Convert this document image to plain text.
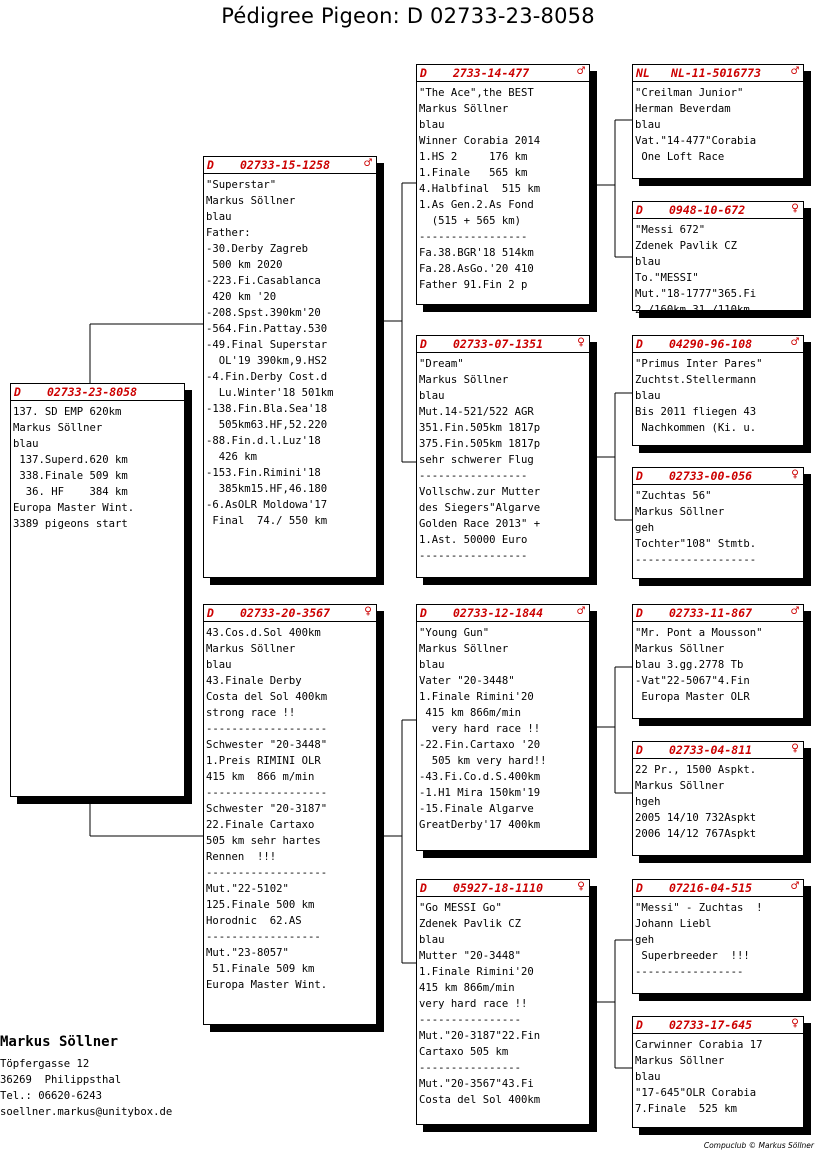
Pédigree Pigeon: D 02733-23-8058

D

02733-23-8058

137. SD EMP 620km
Markus Söllner
blau
137.Superd.620 km
338.Finale 509 km
36. HF    384 km
Europa Master Wint.
3389 pigeons start

D

02733-15-1258

	♂

"Superstar"
Markus Söllner
blau
Father:
-30.Derby Zagreb
500 km 2020
-223.Fi.Casablanca
420 km '20
-208.Spst.390km'20
-564.Fin.Pattay.530
-49.Final Superstar
OL'19 390km,9.HS2
-4.Fin.Derby Cost.d
Lu.Winter'18 501km
-138.Fin.Bla.Sea'18
505km63.HF,52.220
-88.Fin.d.l.Luz'18
426 km
-153.Fin.Rimini'18
385km15.HF,46.180
-6.AsOLR Moldowa'17
Final  74./ 550 km

D

02733-20-3567

	♀

43.Cos.d.Sol 400km
Markus Söllner
blau
43.Finale Derby
Costa del Sol 400km
strong race !!
-------------------
Schwester "20-3448"
1.Preis RIMINI OLR
415 km  866 m/min
-------------------
Schwester "20-3187"
22.Finale Cartaxo
505 km sehr hartes
Rennen  !!!
-------------------
Mut."22-5102"
125.Finale 500 km
Horodnic  62.AS
------------------
Mut."23-8057"
51.Finale 509 km
Europa Master Wint.

D

2733-14-477

	♂

"The Ace",the BEST
Markus Söllner
blau
Winner Corabia 2014
1.HS 2     176 km
1.Finale   565 km
4.Halbfinal  515 km
1.As Gen.2.As Fond
(515 + 565 km)
-----------------
Fa.38.BGR'18 514km
Fa.28.AsGo.'20 410
Father 91.Fin 2 p

D

02733-07-1351

	♀

"Dream"
Markus Söllner
blau
Mut.14-521/522 AGR
351.Fin.505km 1817p
375.Fin.505km 1817p
sehr schwerer Flug
-----------------
Vollschw.zur Mutter
des Siegers"Algarve
Golden Race 2013" +
1.Ast. 50000 Euro
-----------------

D

02733-12-1844

	♂

"Young Gun"
Markus Söllner
blau
Vater "20-3448"
1.Finale Rimini'20
415 km 866m/min
very hard race !!
-22.Fin.Cartaxo '20
505 km very hard!!
-43.Fi.Co.d.S.400km
-1.H1 Mira 150km'19
-15.Finale Algarve
GreatDerby'17 400km

D

05927-18-1110

	♀

"Go MESSI Go"
Zdenek Pavlik CZ
blau
Mutter "20-3448"
1.Finale Rimini'20
415 km 866m/min
very hard race !!
----------------
Mut."20-3187"22.Fin
Cartaxo 505 km
----------------
Mut."20-3567"43.Fi
Costa del Sol 400km

NL

NL-11-5016773

♂

"Creilman Junior"
Herman Beverdam
blau
Vat."14-477"Corabia
One Loft Race

D

0948-10-672

	♀

"Messi 672"
Zdenek Pavlik CZ
blau
To."MESSI"
Mut."18-1777"365.Fi
2./160km,31./110km

D

04290-96-108

	♂

"Primus Inter Pares"
Zuchtst.Stellermann
blau
Bis 2011 fliegen 43
Nachkommen (Ki. u.

D

02733-00-056

	♀

"Zuchtas 56"
Markus Söllner
geh
Tochter"108" Stmtb.
-------------------

D

02733-11-867

	♂

"Mr. Pont a Mousson"
Markus Söllner
blau 3.gg.2778 Tb
-Vat"22-5067"4.Fin
Europa Master OLR

D

02733-04-811

	♀

22 Pr., 1500 Aspkt.
Markus Söllner
hgeh
2005 14/10 732Aspkt
2006 14/12 767Aspkt

D

07216-04-515

	♂

"Messi" - Zuchtas  !
Johann Liebl
geh
Superbreeder  !!!
-----------------

D

02733-17-645

	♀

Carwinner Corabia 17
Markus Söllner
blau
"17-645"OLR Corabia
7.Finale  525 km
Markus Söllner
Töpfergasse 12
36269  Philippsthal
Tel.: 06620-6243
soellner.markus@unitybox.de
Compuclub © Markus Söllner
